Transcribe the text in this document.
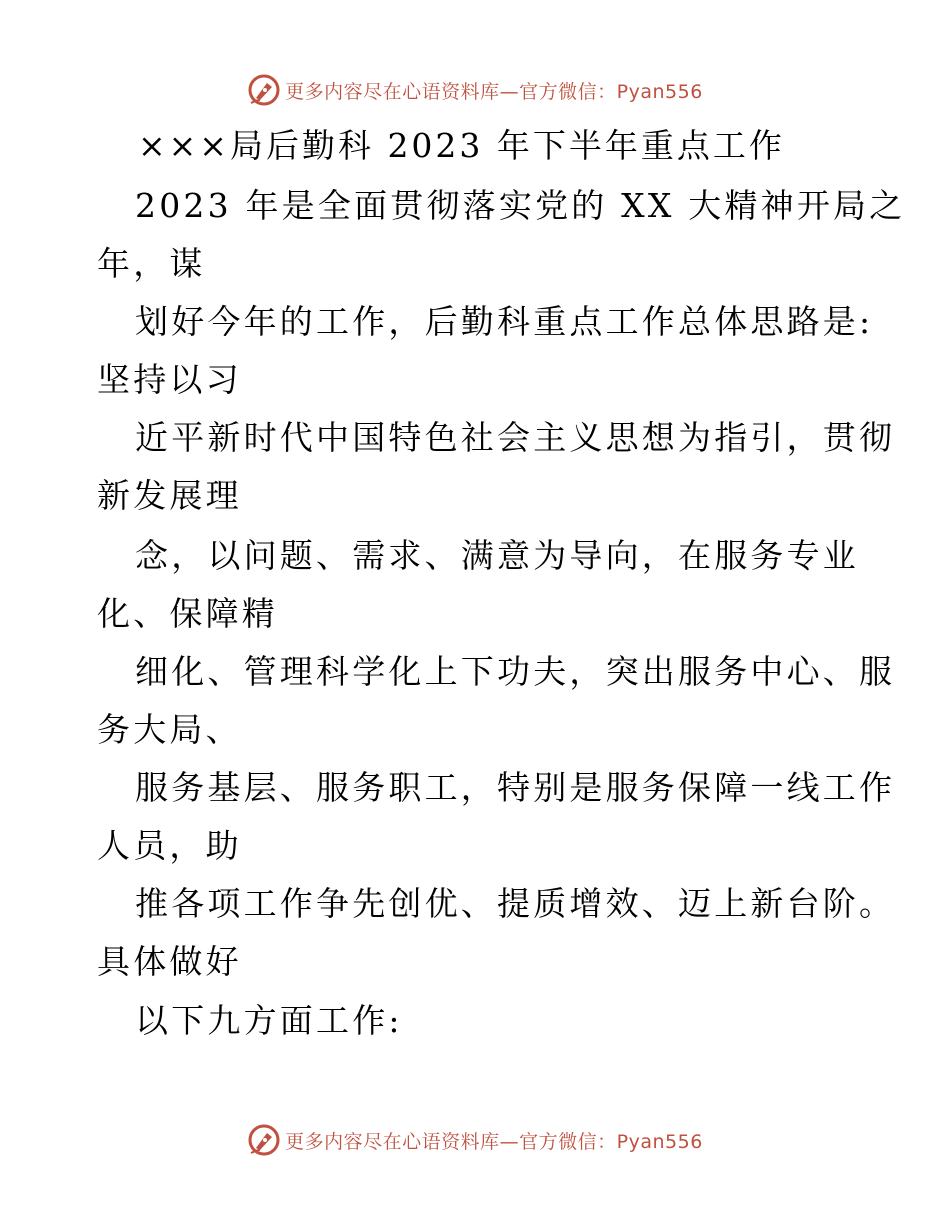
更多内容尽在心语资料库—官方微信：Pyan556
×××局后勤科 2023 年下半年重点工作
2023 年是全面贯彻落实党的 XX 大精神开局之
年，谋
划好今年的工作，后勤科重点工作总体思路是:
坚持以习
近平新时代中国特色社会主义思想为指引，贯彻
新发展理
念，以问题、需求、满意为导向，在服务专业
化、保障精
细化、管理科学化上下功夫，突出服务中心、服
务大局、
服务基层、服务职工，特别是服务保障一线工作
人员，助
推各项工作争先创优、提质增效、迈上新台阶。
具体做好
以下九方面工作:
更多内容尽在心语资料库—官方微信：Pyan556
